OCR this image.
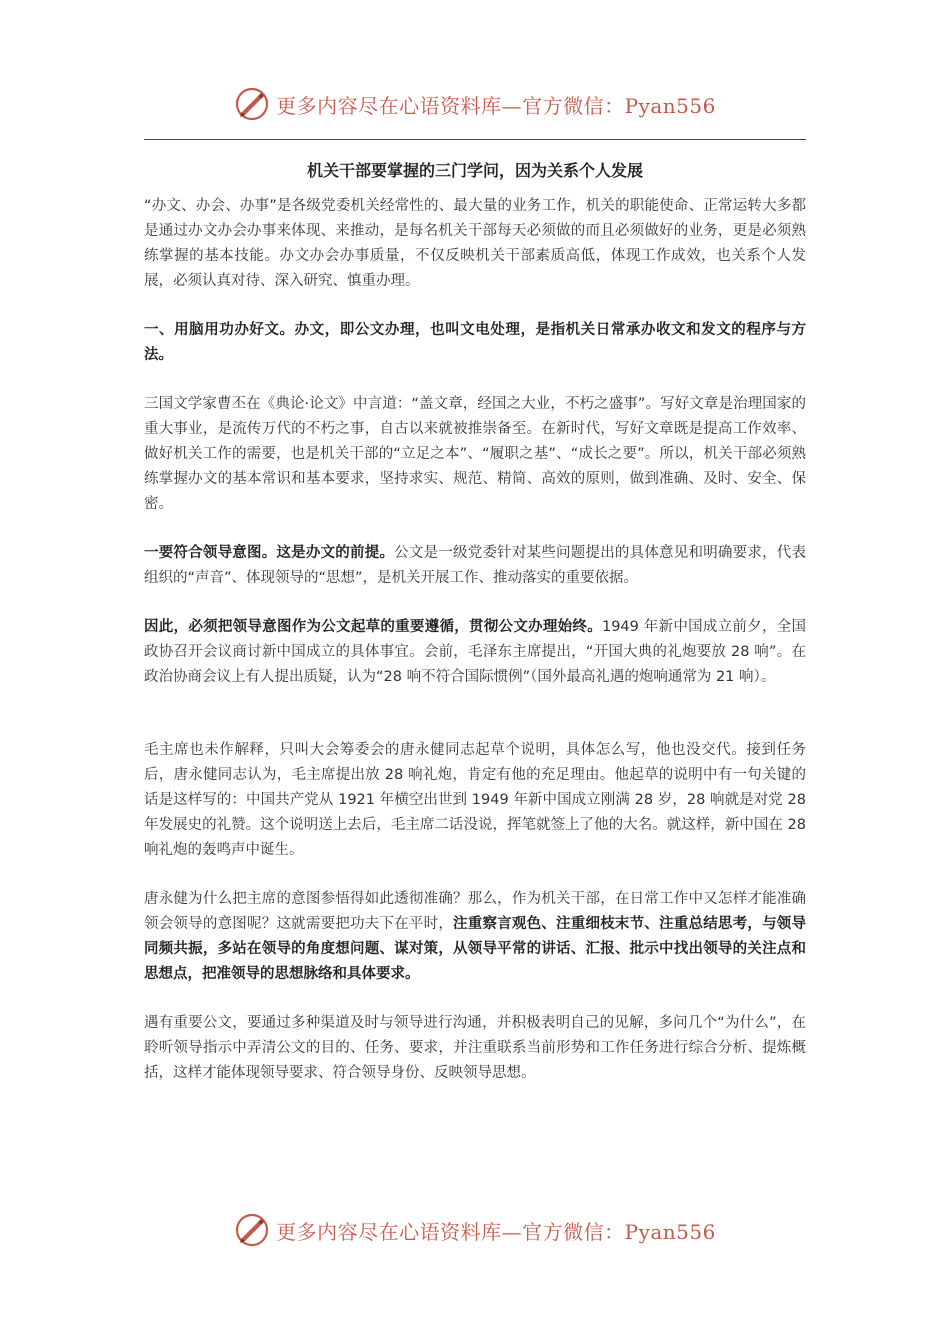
更多内容尽在心语资料库—官方微信：Pyan556
机关干部要掌握的三门学问，因为关系个人发展

“办文、办会、办事”是各级党委机关经常性的、最大量的业务工作，机关的职能使命、正常运转大多都是通过办文办会办事来体现、来推动，是每名机关干部每天必须做的而且必须做好的业务，更是必须熟练掌握的基本技能。办文办会办事质量，不仅反映机关干部素质高低，体现工作成效，也关系个人发展，必须认真对待、深入研究、慎重办理。

一、用脑用功办好文。办文，即公文办理，也叫文电处理，是指机关日常承办收文和发文的程序与方法。

三国文学家曹丕在《典论·论文》中言道：“盖文章，经国之大业，不朽之盛事”。写好文章是治理国家的重大事业，是流传万代的不朽之事，自古以来就被推崇备至。在新时代，写好文章既是提高工作效率、做好机关工作的需要，也是机关干部的“立足之本”、“履职之基”、“成长之要”。所以，机关干部必须熟练掌握办文的基本常识和基本要求，坚持求实、规范、精简、高效的原则，做到准确、及时、安全、保密。

一要符合领导意图。这是办文的前提。公文是一级党委针对某些问题提出的具体意见和明确要求，代表组织的“声音”、体现领导的“思想”，是机关开展工作、推动落实的重要依据。

因此，必须把领导意图作为公文起草的重要遵循，贯彻公文办理始终。1949 年新中国成立前夕，全国政协召开会议商讨新中国成立的具体事宜。会前，毛泽东主席提出，“开国大典的礼炮要放 28 响”。在政治协商会议上有人提出质疑，认为“28 响不符合国际惯例”（国外最高礼遇的炮响通常为 21 响）。

毛主席也未作解释，只叫大会筹委会的唐永健同志起草个说明，具体怎么写，他也没交代。接到任务后，唐永健同志认为，毛主席提出放 28 响礼炮，肯定有他的充足理由。他起草的说明中有一句关键的话是这样写的：中国共产党从 1921 年横空出世到 1949 年新中国成立刚满 28 岁，28 响就是对党 28 年发展史的礼赞。这个说明送上去后，毛主席二话没说，挥笔就签上了他的大名。就这样，新中国在 28 响礼炮的轰鸣声中诞生。

唐永健为什么把主席的意图参悟得如此透彻准确？那么，作为机关干部，在日常工作中又怎样才能准确领会领导的意图呢？这就需要把功夫下在平时，注重察言观色、注重细枝末节、注重总结思考，与领导同频共振，多站在领导的角度想问题、谋对策，从领导平常的讲话、汇报、批示中找出领导的关注点和思想点，把准领导的思想脉络和具体要求。

遇有重要公文，要通过多种渠道及时与领导进行沟通，并积极表明自己的见解，多问几个“为什么”，在聆听领导指示中弄清公文的目的、任务、要求，并注重联系当前形势和工作任务进行综合分析、提炼概括，这样才能体现领导要求、符合领导身份、反映领导思想。

更多内容尽在心语资料库—官方微信：Pyan556
